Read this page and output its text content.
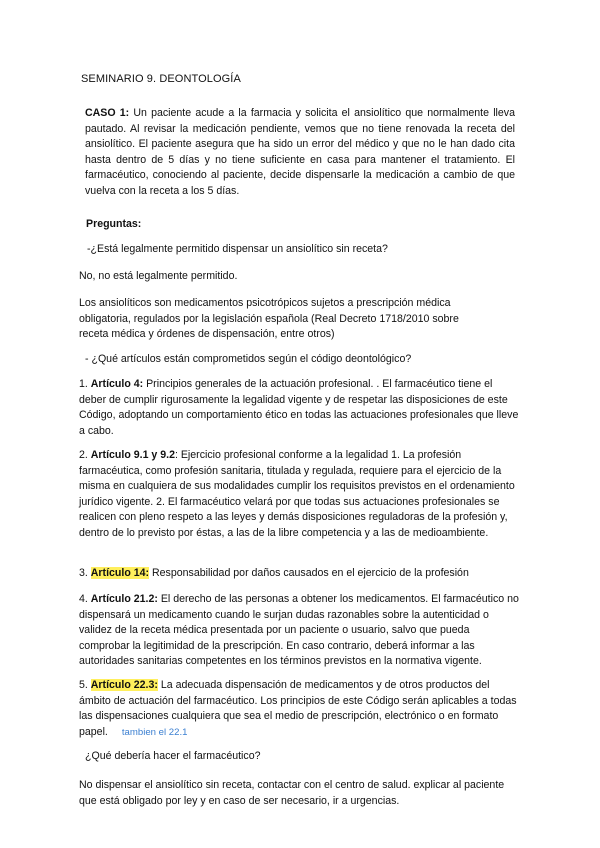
SEMINARIO 9. DEONTOLOGÍA

CASO 1: Un paciente acude a la farmacia y solicita el ansiolítico que normalmente lleva pautado. Al revisar la medicación pendiente, vemos que no tiene renovada la receta del ansiolítico. El paciente asegura que ha sido un error del médico y que no le han dado cita hasta dentro de 5 días y no tiene suficiente en casa para mantener el tratamiento. El farmacéutico, conociendo al paciente, decide dispensarle la medicación a cambio de que vuelva con la receta a los 5 días.

Preguntas:

-¿Está legalmente permitido dispensar un ansiolítico sin receta?

No, no está legalmente permitido.

Los ansiolíticos son medicamentos psicotrópicos sujetos a prescripción médica obligatoria, regulados por la legislación española (Real Decreto 1718/2010 sobre receta médica y órdenes de dispensación, entre otros)

- ¿Qué artículos están comprometidos según el código deontológico?

1. Artículo 4: Principios generales de la actuación profesional. . El farmacéutico tiene el deber de cumplir rigurosamente la legalidad vigente y de respetar las disposiciones de este Código, adoptando un comportamiento ético en todas las actuaciones profesionales que lleve a cabo.

2. Artículo 9.1 y 9.2: Ejercicio profesional conforme a la legalidad 1. La profesión farmacéutica, como profesión sanitaria, titulada y regulada, requiere para el ejercicio de la misma en cualquiera de sus modalidades cumplir los requisitos previstos en el ordenamiento jurídico vigente. 2. El farmacéutico velará por que todas sus actuaciones profesionales se realicen con pleno respeto a las leyes y demás disposiciones reguladoras de la profesión y, dentro de lo previsto por éstas, a las de la libre competencia y a las de medioambiente.

3. Artículo 14: Responsabilidad por daños causados en el ejercicio de la profesión

4. Artículo 21.2: El derecho de las personas a obtener los medicamentos. El farmacéutico no dispensará un medicamento cuando le surjan dudas razonables sobre la autenticidad o validez de la receta médica presentada por un paciente o usuario, salvo que pueda comprobar la legitimidad de la prescripción. En caso contrario, deberá informar a las autoridades sanitarias competentes en los términos previstos en la normativa vigente.

5. Artículo 22.3: La adecuada dispensación de medicamentos y de otros productos del ámbito de actuación del farmacéutico. Los principios de este Código serán aplicables a todas las dispensaciones cualquiera que sea el medio de prescripción, electrónico o en formato papel. tambien el 22.1

¿Qué debería hacer el farmacéutico?

No dispensar el ansiolítico sin receta, contactar con el centro de salud. explicar al paciente que está obligado por ley y en caso de ser necesario, ir a urgencias.
